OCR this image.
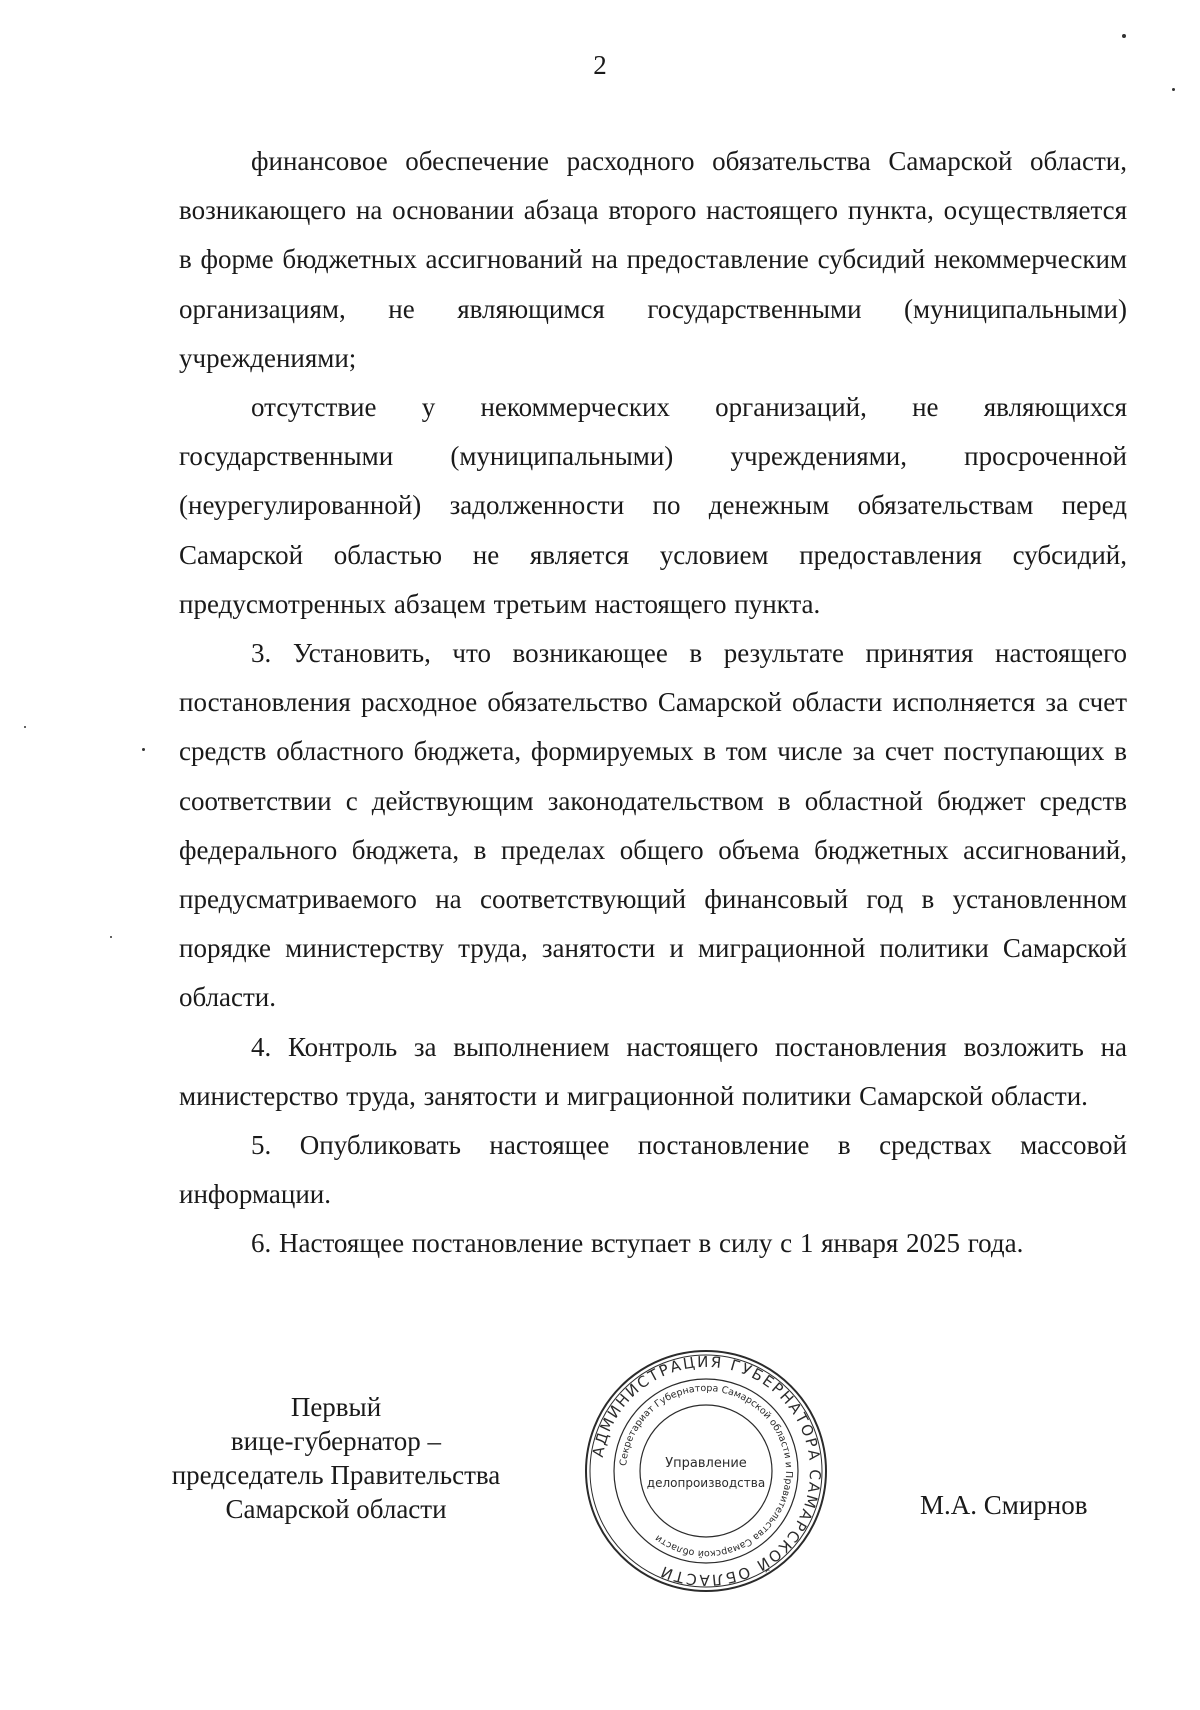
2

финансовое обеспечение расходного обязательства Самарской области, возникающего на основании абзаца второго настоящего пункта, осуществляется в форме бюджетных ассигнований на предоставление субсидий некоммерческим организациям, не являющимся государственными (муниципальными) учреждениями;

отсутствие у некоммерческих организаций, не являющихся государственными (муниципальными) учреждениями, просроченной (неурегулированной) задолженности по денежным обязательствам перед Самарской областью не является условием предоставления субсидий, предусмотренных абзацем третьим настоящего пункта.

3. Установить, что возникающее в результате принятия настоящего постановления расходное обязательство Самарской области исполняется за счет средств областного бюджета, формируемых в том числе за счет поступающих в соответствии с действующим законодательством в областной бюджет средств федерального бюджета, в пределах общего объема бюджетных ассигнований, предусматриваемого на соответствующий финансовый год в установленном порядке министерству труда, занятости и миграционной политики Самарской области.

4. Контроль за выполнением настоящего постановления возложить на министерство труда, занятости и миграционной политики Самарской области.

5. Опубликовать настоящее постановление в средствах массовой информации.

6. Настоящее постановление вступает в силу с 1 января 2025 года.

Первый
вице-губернатор –
председатель Правительства
Самарской области	М.А. Смирнов
АДМИНИСТРАЦИЯ ГУБЕРНАТОРА САМАРСКОЙ ОБЛАСТИ
Секретариат Губернатора Самарской области и Правительства Самарской области
Управление
делопроизводства
